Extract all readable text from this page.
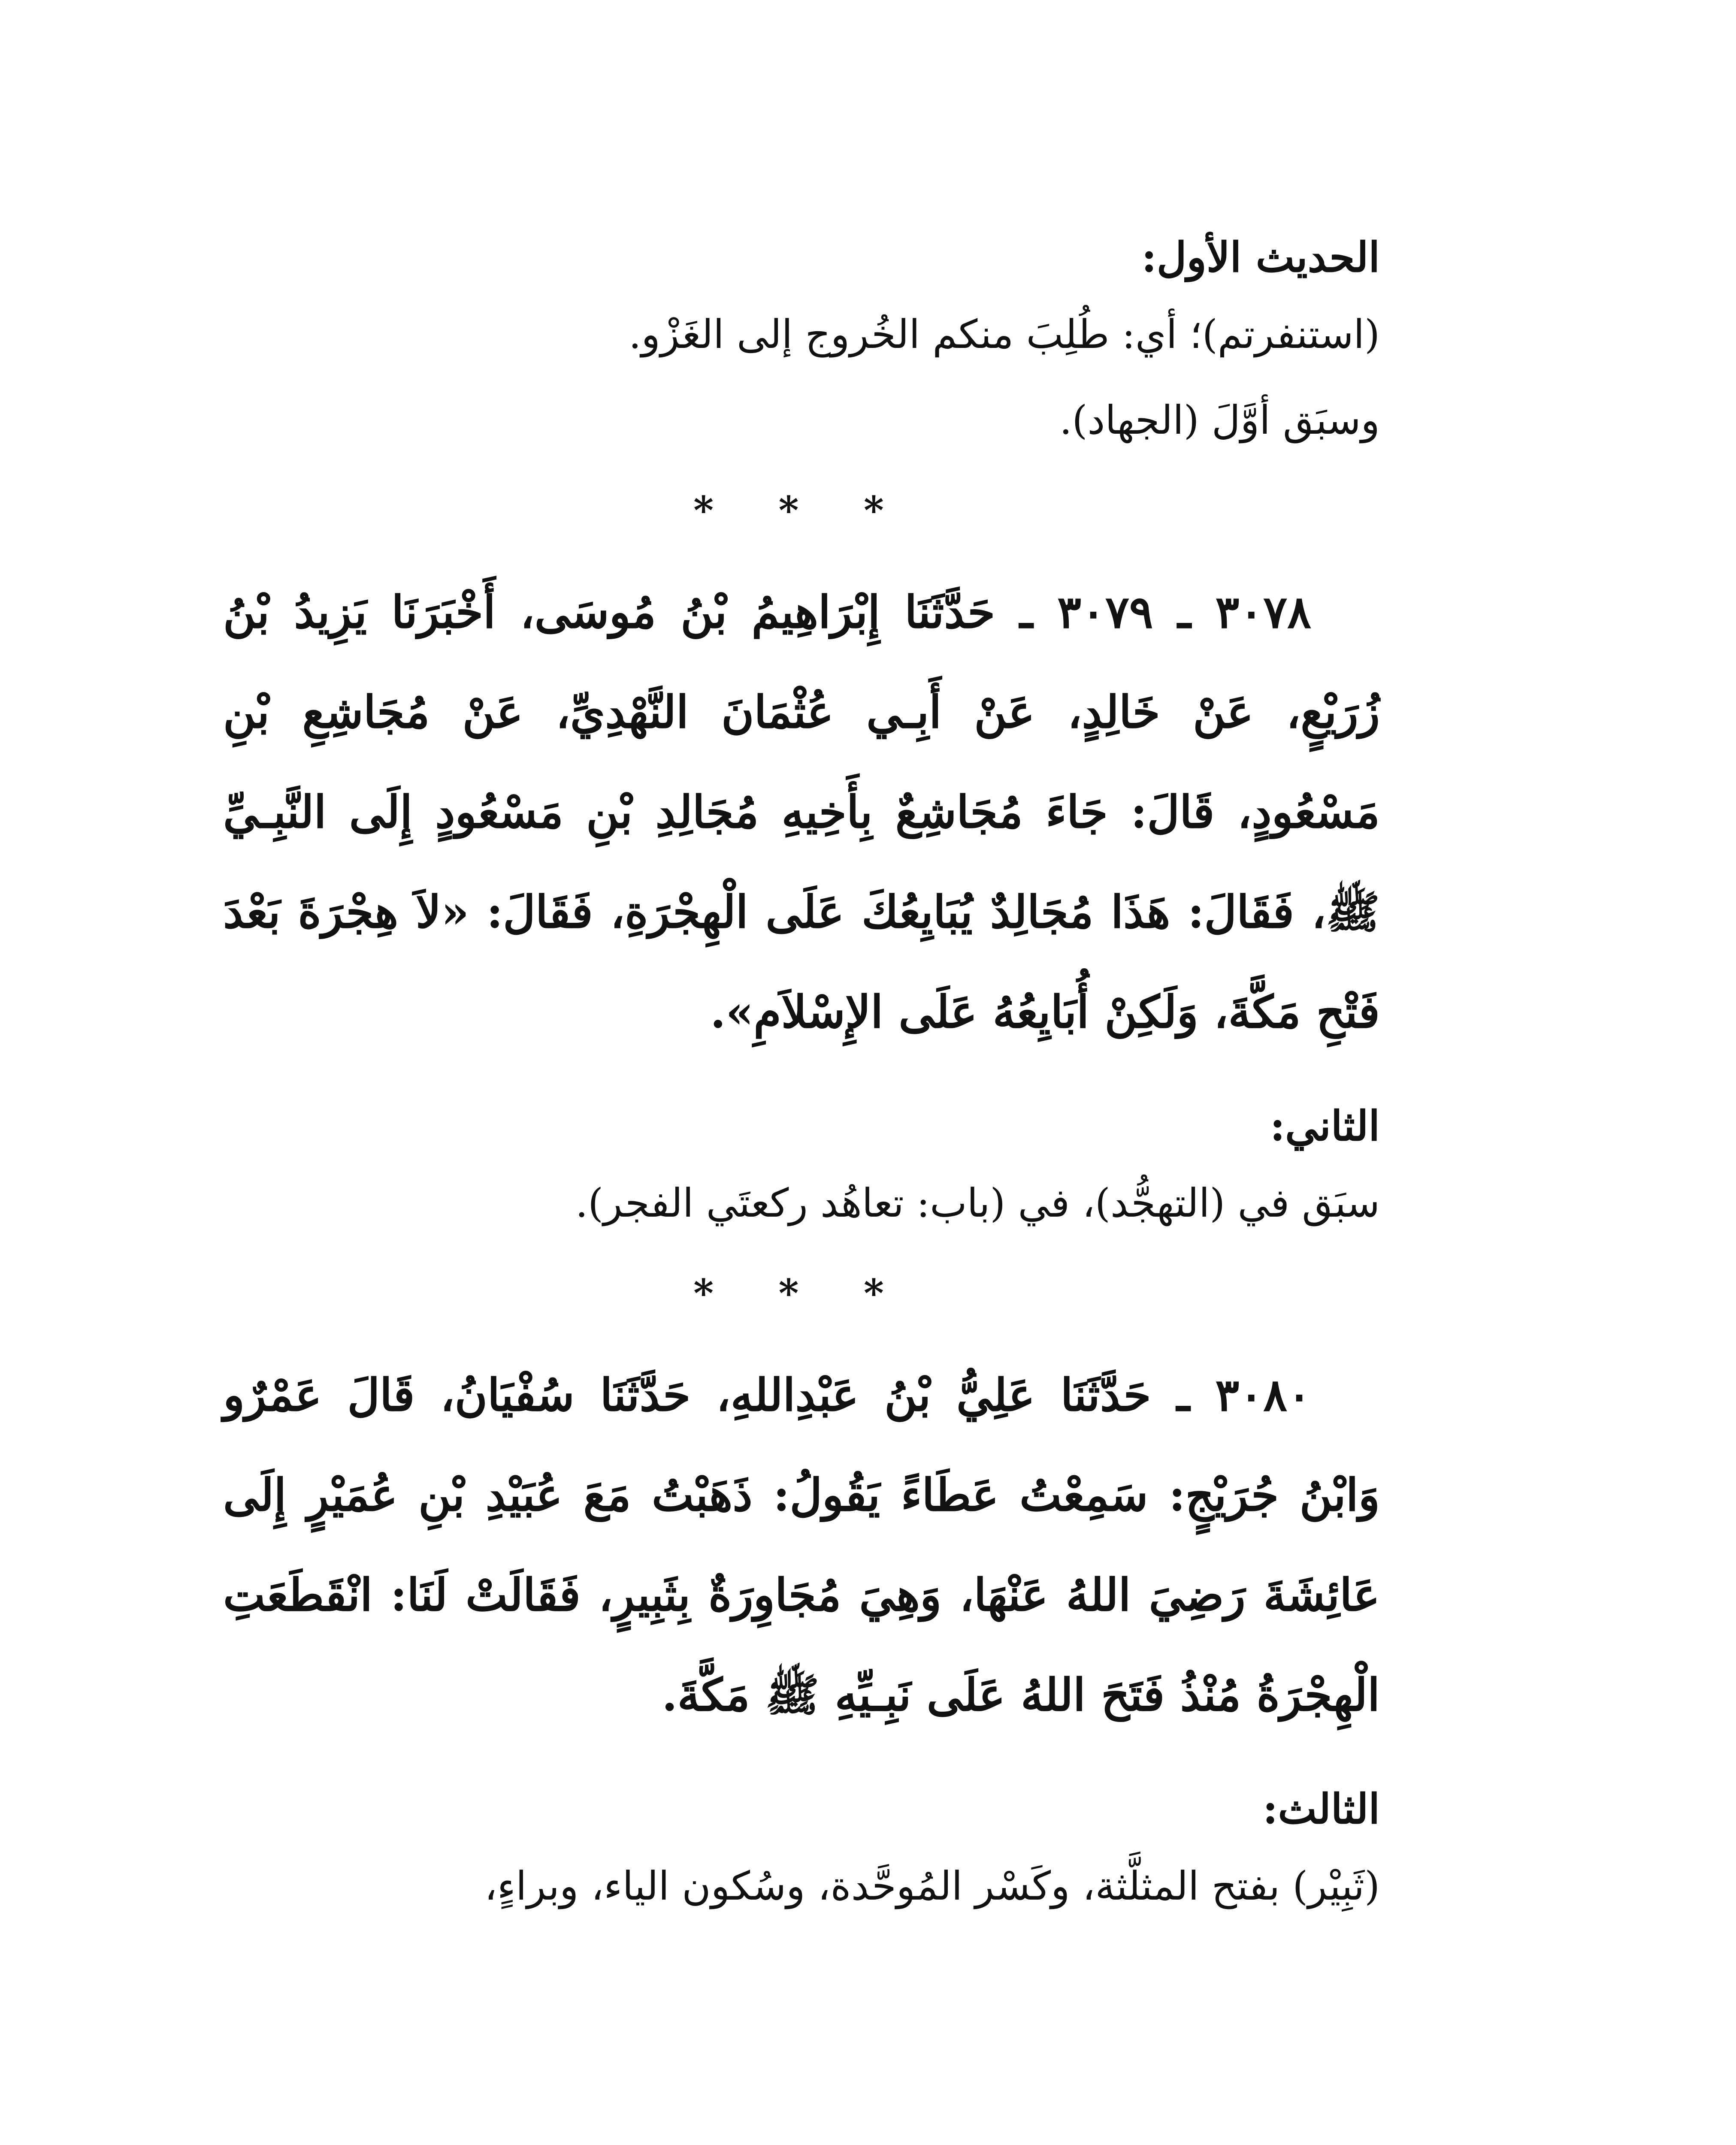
الحديث الأول:

(استنفرتم)؛ أي: طُلِبَ منكم الخُروج إلى الغَزْو.

وسبَق أوَّلَ (الجهاد).

* * *

٣٠٧٨ ـ ٣٠٧٩ ـ حَدَّثَنَا إِبْرَاهِيمُ بْنُ مُوسَى، أَخْبَرَنَا يَزِيدُ بْنُ زُرَيْعٍ، عَنْ خَالِدٍ، عَنْ أَبِـي عُثْمَانَ النَّهْدِيِّ، عَنْ مُجَاشِعِ بْنِ مَسْعُودٍ، قَالَ: جَاءَ مُجَاشِعٌ بِأَخِيهِ مُجَالِدِ بْنِ مَسْعُودٍ إِلَى النَّبِـيِّ ﷺ، فَقَالَ: هَذَا مُجَالِدٌ يُبَايِعُكَ عَلَى الْهِجْرَةِ، فَقَالَ: «لاَ هِجْرَةَ بَعْدَ فَتْحِ مَكَّةَ، وَلَكِنْ أُبَايِعُهُ عَلَى الإِسْلاَمِ».

الثاني:

سبَق في (التهجُّد)، في (باب: تعاهُد ركعتَي الفجر).

* * *

٣٠٨٠ ـ حَدَّثَنَا عَلِيُّ بْنُ عَبْدِاللهِ، حَدَّثَنَا سُفْيَانُ، قَالَ عَمْرٌو وَابْنُ جُرَيْجٍ: سَمِعْتُ عَطَاءً يَقُولُ: ذَهَبْتُ مَعَ عُبَيْدِ بْنِ عُمَيْرٍ إِلَى عَائِشَةَ رَضِيَ اللهُ عَنْهَا، وَهِيَ مُجَاوِرَةٌ بِثَبِيرٍ، فَقَالَتْ لَنَا: انْقَطَعَتِ الْهِجْرَةُ مُنْذُ فَتَحَ اللهُ عَلَى نَبِـيِّهِ ﷺ مَكَّةَ.

الثالث:

(ثَبِيْر) بفتح المثلَّثة، وكَسْر المُوحَّدة، وسُكون الياء، وبراءٍ،
